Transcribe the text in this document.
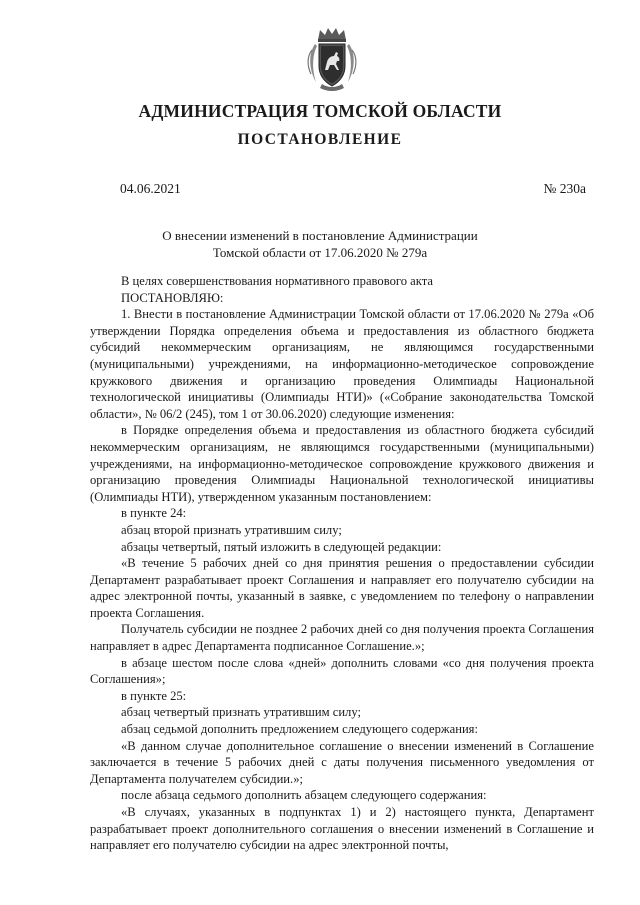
АДМИНИСТРАЦИЯ ТОМСКОЙ ОБЛАСТИ
ПОСТАНОВЛЕНИЕ
04.06.2021	№ 230а
О внесении изменений в постановление Администрации
Томской области от 17.06.2020 № 279а

В целях совершенствования нормативного правового акта

ПОСТАНОВЛЯЮ:

1. Внести в постановление Администрации Томской области от 17.06.2020 № 279а «Об утверждении Порядка определения объема и предоставления из областного бюджета субсидий некоммерческим организациям, не являющимся государственными (муниципальными) учреждениями, на информационно-методическое сопровождение кружкового движения и организацию проведения Олимпиады Национальной технологической инициативы (Олимпиады НТИ)» («Собрание законодательства Томской области», № 06/2 (245), том 1 от 30.06.2020) следующие изменения:

в Порядке определения объема и предоставления из областного бюджета субсидий некоммерческим организациям, не являющимся государственными (муниципальными) учреждениями, на информационно-методическое сопровождение кружкового движения и организацию проведения Олимпиады Национальной технологической инициативы (Олимпиады НТИ), утвержденном указанным постановлением:

в пункте 24:

абзац второй признать утратившим силу;

абзацы четвертый, пятый изложить в следующей редакции:

«В течение 5 рабочих дней со дня принятия решения о предоставлении субсидии Департамент разрабатывает проект Соглашения и направляет его получателю субсидии на адрес электронной почты, указанный в заявке, с уведомлением по телефону о направлении проекта Соглашения.

Получатель субсидии не позднее 2 рабочих дней со дня получения проекта Соглашения направляет в адрес Департамента подписанное Соглашение.»;

в абзаце шестом после слова «дней» дополнить словами «со дня получения проекта Соглашения»;

в пункте 25:

абзац четвертый признать утратившим силу;

абзац седьмой дополнить предложением следующего содержания:

«В данном случае дополнительное соглашение о внесении изменений в Соглашение заключается в течение 5 рабочих дней с даты получения письменного уведомления от Департамента получателем субсидии.»;

после абзаца седьмого дополнить абзацем следующего содержания:

«В случаях, указанных в подпунктах 1) и 2) настоящего пункта, Департамент разрабатывает проект дополнительного соглашения о внесении изменений в Соглашение и направляет его получателю субсидии на адрес электронной почты,
